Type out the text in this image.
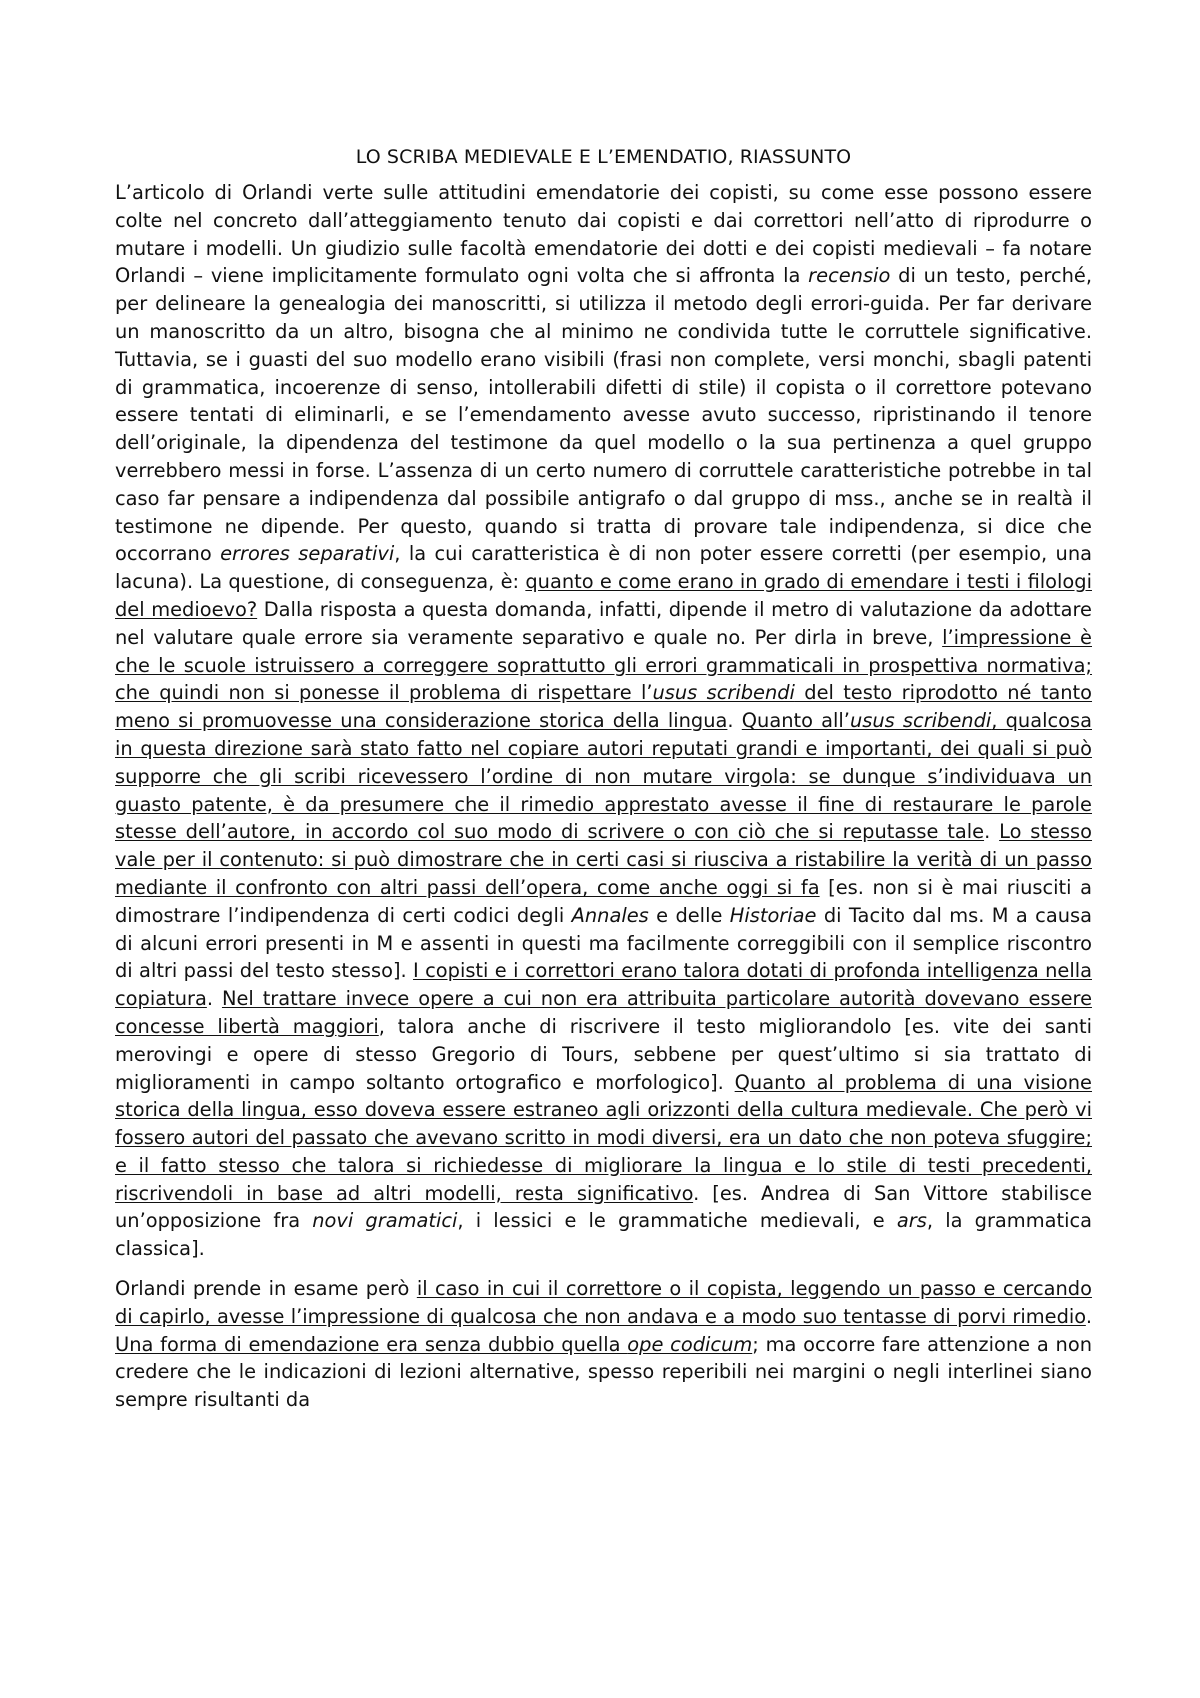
LO SCRIBA MEDIEVALE E L’EMENDATIO, RIASSUNTO

L’articolo di Orlandi verte sulle attitudini emendatorie dei copisti, su come esse possono essere colte nel concreto dall’atteggiamento tenuto dai copisti e dai correttori nell’atto di riprodurre o mutare i modelli. Un giudizio sulle facoltà emendatorie dei dotti e dei copisti medievali – fa notare Orlandi – viene implicitamente formulato ogni volta che si affronta la recensio di un testo, perché, per delineare la genealogia dei manoscritti, si utilizza il metodo degli errori-guida. Per far derivare un manoscritto da un altro, bisogna che al minimo ne condivida tutte le corruttele significative. Tuttavia, se i guasti del suo modello erano visibili (frasi non complete, versi monchi, sbagli patenti di grammatica, incoerenze di senso, intollerabili difetti di stile) il copista o il correttore potevano essere tentati di eliminarli, e se l’emendamento avesse avuto successo, ripristinando il tenore dell’originale, la dipendenza del testimone da quel modello o la sua pertinenza a quel gruppo verrebbero messi in forse. L’assenza di un certo numero di corruttele caratteristiche potrebbe in tal caso far pensare a indipendenza dal possibile antigrafo o dal gruppo di mss., anche se in realtà il testimone ne dipende. Per questo, quando si tratta di provare tale indipendenza, si dice che occorrano errores separativi, la cui caratteristica è di non poter essere corretti (per esempio, una lacuna). La questione, di conseguenza, è: quanto e come erano in grado di emendare i testi i filologi del medioevo? Dalla risposta a questa domanda, infatti, dipende il metro di valutazione da adottare nel valutare quale errore sia veramente separativo e quale no. Per dirla in breve, l’impressione è che le scuole istruissero a correggere soprattutto gli errori grammaticali in prospettiva normativa; che quindi non si ponesse il problema di rispettare l’usus scribendi del testo riprodotto né tanto meno si promuovesse una considerazione storica della lingua. Quanto all’usus scribendi, qualcosa in questa direzione sarà stato fatto nel copiare autori reputati grandi e importanti, dei quali si può supporre che gli scribi ricevessero l’ordine di non mutare virgola: se dunque s’individuava un guasto patente, è da presumere che il rimedio apprestato avesse il fine di restaurare le parole stesse dell’autore, in accordo col suo modo di scrivere o con ciò che si reputasse tale. Lo stesso vale per il contenuto: si può dimostrare che in certi casi si riusciva a ristabilire la verità di un passo mediante il confronto con altri passi dell’opera, come anche oggi si fa [es. non si è mai riusciti a dimostrare l’indipendenza di certi codici degli Annales e delle Historiae di Tacito dal ms. M a causa di alcuni errori presenti in M e assenti in questi ma facilmente correggibili con il semplice riscontro di altri passi del testo stesso]. I copisti e i correttori erano talora dotati di profonda intelligenza nella copiatura. Nel trattare invece opere a cui non era attribuita particolare autorità dovevano essere concesse libertà maggiori, talora anche di riscrivere il testo migliorandolo [es. vite dei santi merovingi e opere di stesso Gregorio di Tours, sebbene per quest’ultimo si sia trattato di miglioramenti in campo soltanto ortografico e morfologico]. Quanto al problema di una visione storica della lingua, esso doveva essere estraneo agli orizzonti della cultura medievale. Che però vi fossero autori del passato che avevano scritto in modi diversi, era un dato che non poteva sfuggire; e il fatto stesso che talora si richiedesse di migliorare la lingua e lo stile di testi precedenti, riscrivendoli in base ad altri modelli, resta significativo. [es. Andrea di San Vittore stabilisce un’opposizione fra novi gramatici, i lessici e le grammatiche medievali, e ars, la grammatica classica].

Orlandi prende in esame però il caso in cui il correttore o il copista, leggendo un passo e cercando di capirlo, avesse l’impressione di qualcosa che non andava e a modo suo tentasse di porvi rimedio. Una forma di emendazione era senza dubbio quella ope codicum; ma occorre fare attenzione a non credere che le indicazioni di lezioni alternative, spesso reperibili nei margini o negli interlinei siano sempre risultanti da
